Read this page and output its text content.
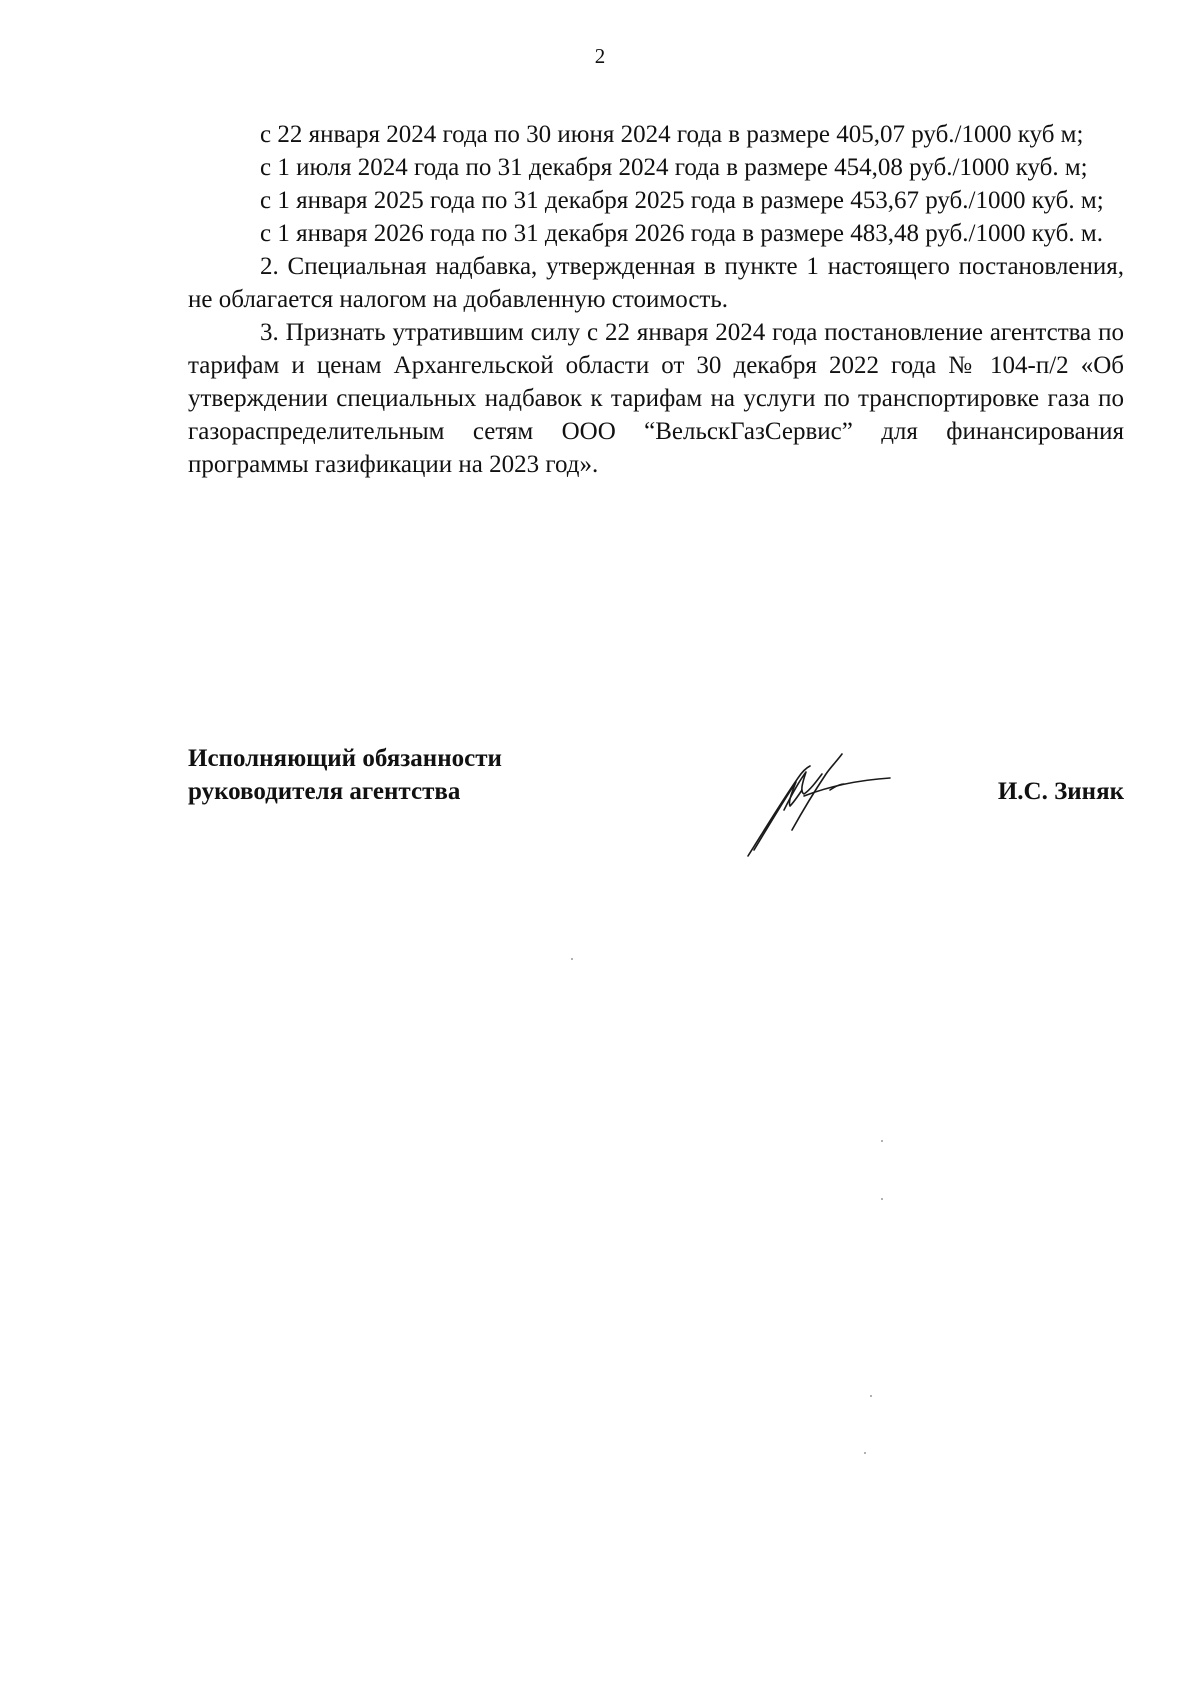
2

с 22 января 2024 года по 30 июня 2024 года в размере 405,07 руб./1000 куб м;

с 1 июля 2024 года по 31 декабря 2024 года в размере 454,08 руб./1000 куб. м;

с 1 января 2025 года по 31 декабря 2025 года в размере 453,67 руб./1000 куб. м;

с 1 января 2026 года по 31 декабря 2026 года в размере 483,48 руб./1000 куб. м.

2. Специальная надбавка, утвержденная в пункте 1 настоящего постановления, не облагается налогом на добавленную стоимость.

3. Признать утратившим силу с 22 января 2024 года постановление агентства по тарифам и ценам Архангельской области от 30 декабря 2022 года № 104-п/2 «Об утверждении специальных надбавок к тарифам на услуги по транспортировке газа по газораспределительным сетям ООО “ВельскГазСервис” для финансирования программы газификации на 2023 год».

Исполняющий обязанности
руководителя агентства	И.С. Зиняк
